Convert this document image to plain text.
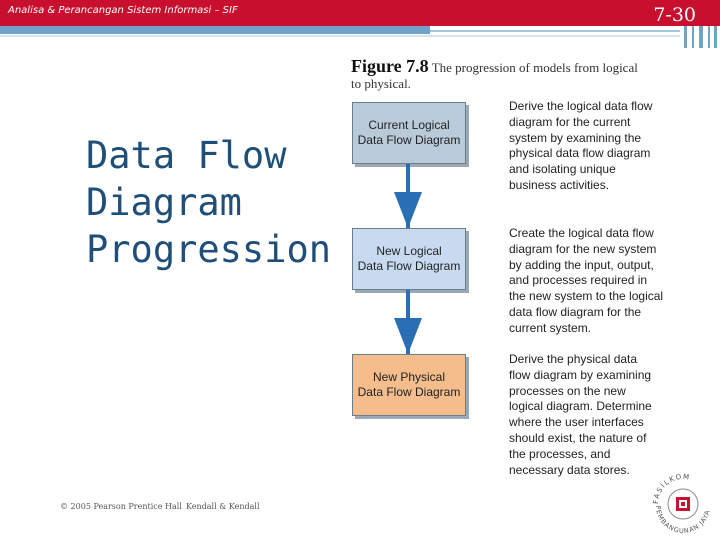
Analisa & Perancangan Sistem Informasi – SIF	7-30
Data Flow
Diagram
Progression
Figure 7.8 The progression of models from logical to physical.
Current Logical
Data Flow Diagram
New Logical
Data Flow Diagram
New Physical
Data Flow Diagram
Derive the logical data flow
diagram for the current
system by examining the
physical data flow diagram
and isolating unique
business activities.
Create the logical data flow
diagram for the new system
by adding the input, output,
and processes required in
the new system to the logical
data flow diagram for the
current system.
Derive the physical data
flow diagram by examining
processes on the new
logical diagram. Determine
where the user interfaces
should exist, the nature of
the processes, and
necessary data stores.
© 2005 Pearson Prentice Hall Kendall & Kendall
FASILKOM
PEMBANGUNAN JAYA
